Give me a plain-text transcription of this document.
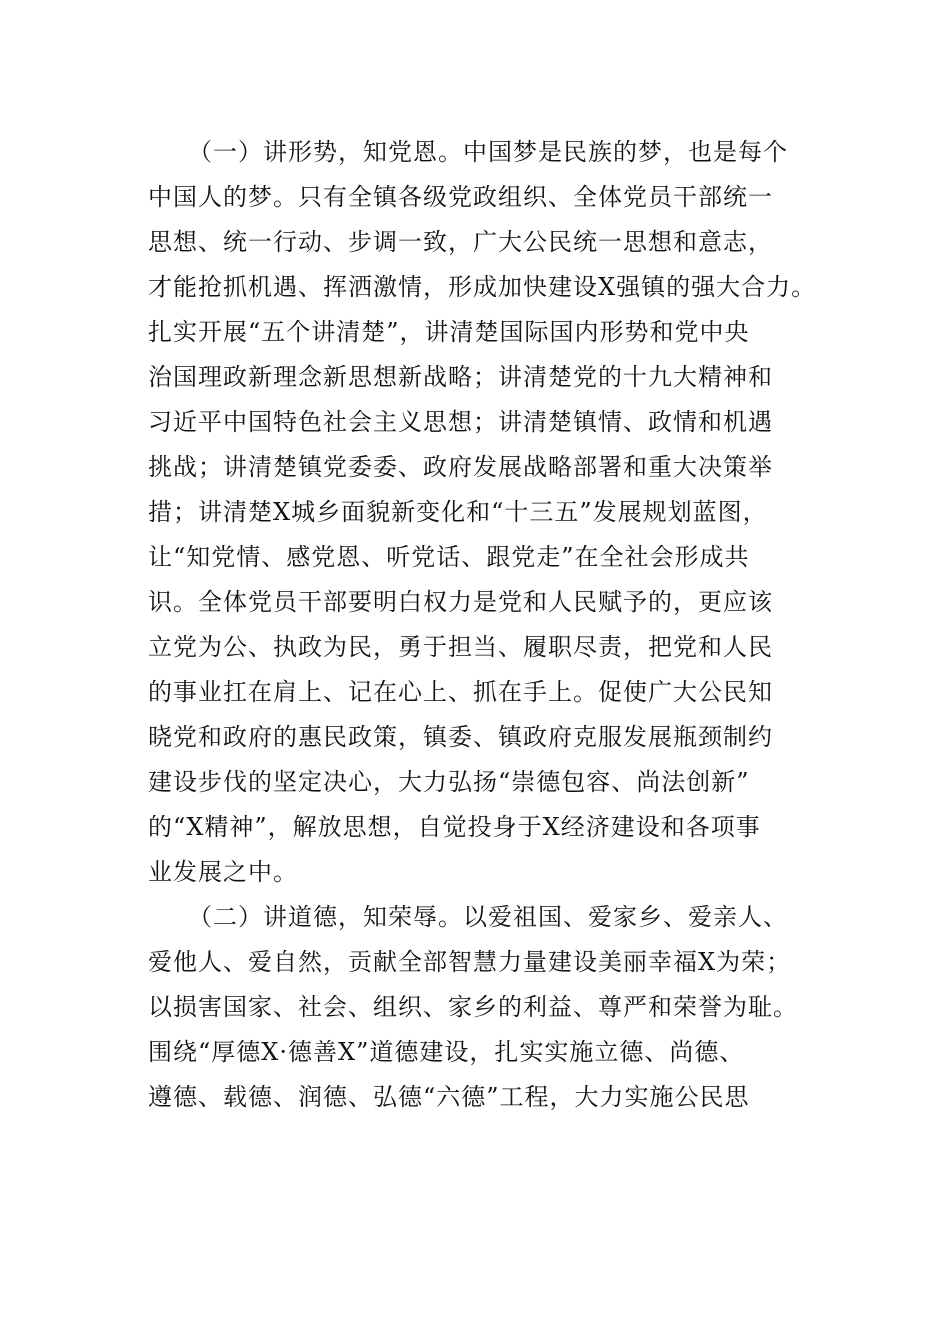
（一）讲形势，知党恩。中国梦是民族的梦，也是每个
中国人的梦。只有全镇各级党政组织、全体党员干部统一
思想、统一行动、步调一致，广大公民统一思想和意志，
才能抢抓机遇、挥洒激情，形成加快建设X强镇的强大合力。
扎实开展“五个讲清楚”，讲清楚国际国内形势和党中央
治国理政新理念新思想新战略；讲清楚党的十九大精神和
习近平中国特色社会主义思想；讲清楚镇情、政情和机遇
挑战；讲清楚镇党委委、政府发展战略部署和重大决策举
措；讲清楚X城乡面貌新变化和“十三五”发展规划蓝图，
让“知党情、感党恩、听党话、跟党走”在全社会形成共
识。全体党员干部要明白权力是党和人民赋予的，更应该
立党为公、执政为民，勇于担当、履职尽责，把党和人民
的事业扛在肩上、记在心上、抓在手上。促使广大公民知
晓党和政府的惠民政策，镇委、镇政府克服发展瓶颈制约
建设步伐的坚定决心，大力弘扬“崇德包容、尚法创新”
的“X精神”，解放思想，自觉投身于X经济建设和各项事
业发展之中。
（二）讲道德，知荣辱。以爱祖国、爱家乡、爱亲人、
爱他人、爱自然，贡献全部智慧力量建设美丽幸福X为荣；
以损害国家、社会、组织、家乡的利益、尊严和荣誉为耻。
围绕“厚德X·德善X”道德建设，扎实实施立德、尚德、
遵德、载德、润德、弘德“六德”工程，大力实施公民思
